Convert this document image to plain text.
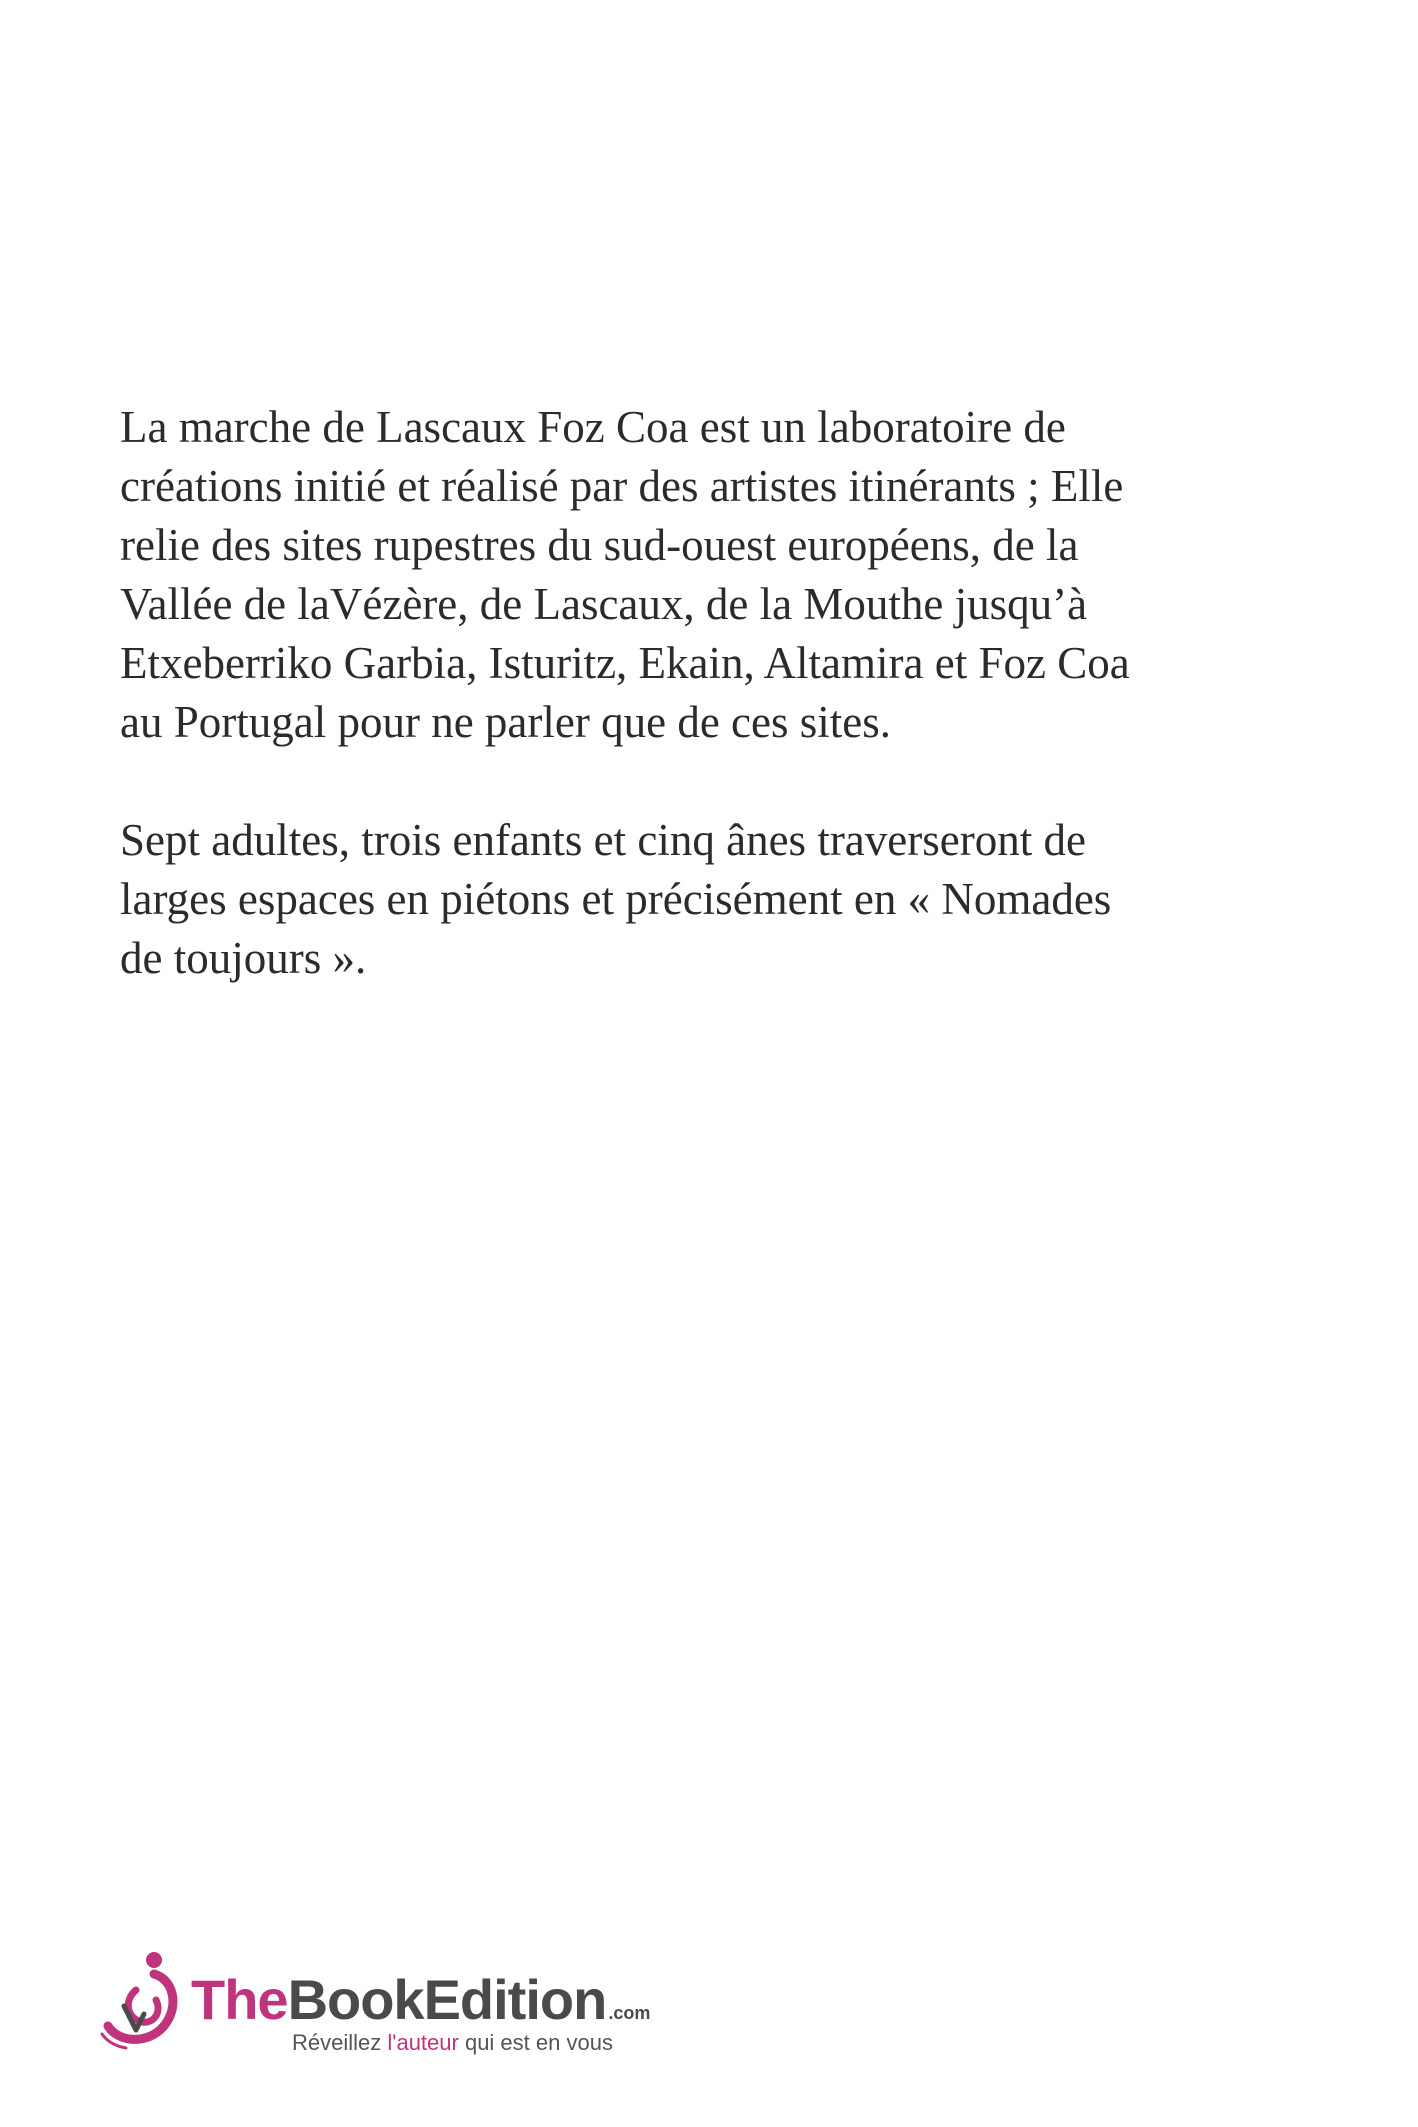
La marche de Lascaux Foz Coa est un laboratoire de
créations initié et réalisé par des artistes itinérants ; Elle
relie des sites rupestres du sud-ouest européens, de la
Vallée de laVézère, de Lascaux, de la Mouthe jusqu’à
Etxeberriko Garbia, Isturitz, Ekain, Altamira et Foz Coa
au Portugal pour ne parler que de ces sites.

Sept adultes, trois enfants et cinq ânes traverseront de
larges espaces en piétons et précisément en « Nomades
de toujours ».

TheBookEdition .com
Réveillez l'auteur qui est en vous
